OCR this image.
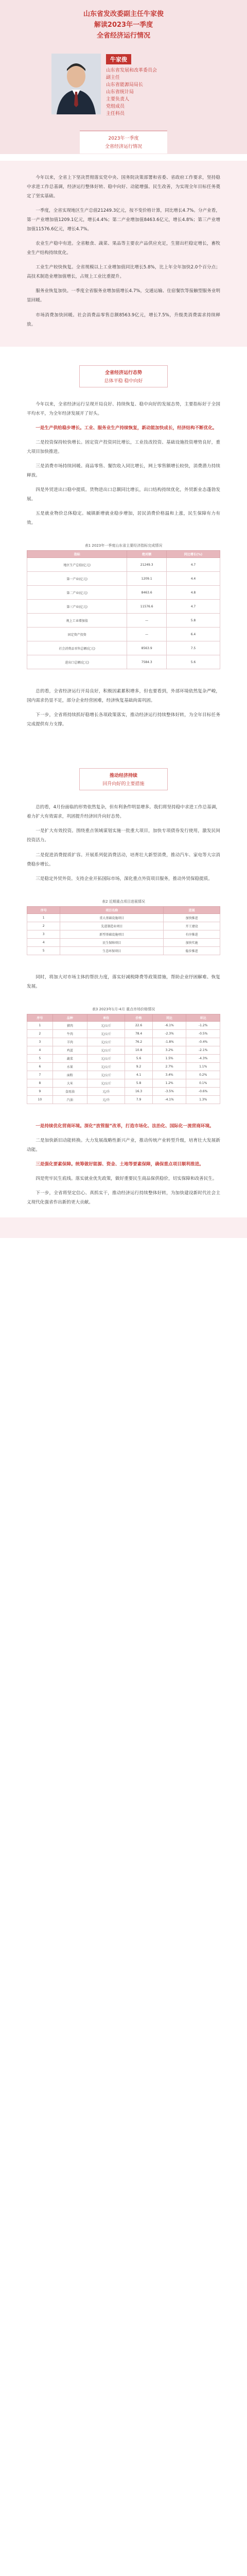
山东省发改委副主任牛家俊
解读2023年一季度
全省经济运行情况
牛家俊
山东省发展和改革委员会
副主任
山东省能源局局长
山东省统计局
主要负责人
党组成员
主任科员
2023年一季度
全省经济运行情况

今年以来，全省上下坚决贯彻落实党中央、国务院决策部署和省委、省政府工作要求，坚持稳中求进工作总基调，经济运行整体好转、稳中向好、动能增强、民生改善，为实现全年目标任务奠定了坚实基础。

一季度，全省实现地区生产总值21249.3亿元，按不变价格计算，同比增长4.7%。分产业看，第一产业增加值1209.1亿元，增长4.4%；第二产业增加值8463.6亿元，增长4.8%；第三产业增加值11576.6亿元，增长4.7%。

农业生产稳中有进。全省粮食、蔬菜、果品等主要农产品供应充足，生猪出栏稳定增长，畜牧业生产结构持续优化。

工业生产较快恢复。全省规模以上工业增加值同比增长5.8%，比上年全年加快2.0个百分点；高技术制造业增加值增长，占规上工业比重提升。

服务业恢复加快。一季度全省服务业增加值增长4.7%，交通运输、住宿餐饮等接触型服务业明显回暖。

市场消费加快回暖。社会消费品零售总额8563.9亿元，增长7.5%，升级类消费需求持续释放。

全省经济运行态势
总体平稳 稳中向好

今年以来，全省经济运行呈现开局良好、持续恢复、稳中向好的发展态势，主要指标好于全国平均水平，为全年经济发展开了好头。

一是生产供给稳步增长。工业、服务业生产持续恢复，新动能加快成长，经济结构不断优化。

二是投资保持较快增长。固定资产投资同比增长，工业技改投资、基础设施投资增势良好，重大项目加快推进。

三是消费市场持续回暖。商品零售、餐饮收入同比增长，网上零售额增长较快，消费潜力持续释放。

四是外贸进出口稳中提质。货物进出口总额同比增长，出口结构持续优化，外贸新业态蓬勃发展。

五是就业物价总体稳定。城镇新增就业稳步增加，居民消费价格温和上涨，民生保障有力有效。

表1 2023年一季度山东省主要经济指标完成情况
指标	绝对额	同比增长(%)
地区生产总值(亿元)	21249.3	4.7
第一产业(亿元)	1209.1	4.4
第二产业(亿元)	8463.6	4.8
第三产业(亿元)	11576.6	4.7
规上工业增加值	—	5.8
固定资产投资	—	6.4
社会消费品零售总额(亿元)	8563.9	7.5
进出口总额(亿元)	7584.3	5.6

总的看，全省经济运行开局良好，积极因素累积增多，但也要看到，外部环境依然复杂严峻，国内需求仍显不足，部分企业经营困难，经济恢复基础尚需巩固。

下一步，全省将持续抓好稳增长各项政策落实，推动经济运行持续整体好转，为全年目标任务完成提供有力支撑。

推动经济持续
回升向好的主要措施

总的看，4月份面临的形势依然复杂，但有利条件明显增多。我们将坚持稳中求进工作总基调，着力扩大有效需求，巩固提升经济回升向好态势。

一是扩大有效投资。围绕重点领域谋划实施一批重大项目，加快专项债券发行使用，激发民间投资活力。

二是促进消费提质扩容。开展系列促消费活动，培育壮大新型消费，推动汽车、家电等大宗消费稳步增长。

三是稳定外贸外资。支持企业开拓国际市场，深化重点外资项目服务，推动外贸保稳提质。

表2 近期重点项目进展情况
序号	项目名称	进展
1	重大基础设施项目	加快推进
2	先进制造业项目	开工建设
3	新型基础设施项目	有序推进
4	民生保障项目	加快实施
5	生态环保项目	稳步推进

同时，将加大对市场主体的帮扶力度，落实好减税降费等政策措施，帮助企业纾困解难、恢复发展。

表3 2023年1月-4月 重点市场价格情况
序号	品种	单位	价格	同比	环比
1	猪肉	元/公斤	22.6	-6.1%	-1.2%
2	牛肉	元/公斤	78.4	-2.3%	-0.5%
3	羊肉	元/公斤	76.2	-1.8%	-0.4%
4	鸡蛋	元/公斤	10.8	3.2%	-2.1%
5	蔬菜	元/公斤	5.6	1.5%	-4.3%
6	水果	元/公斤	9.2	2.7%	1.1%
7	面粉	元/公斤	4.1	3.4%	0.2%
8	大米	元/公斤	5.8	1.2%	0.1%
9	食用油	元/升	16.3	-3.5%	-0.6%
10	汽油	元/升	7.9	-4.1%	1.3%

一是持续优化营商环境。深化“放管服”改革，打造市场化、法治化、国际化一流营商环境。

二是加快新旧动能转换。大力发展战略性新兴产业，推动传统产业转型升级，培育壮大发展新动能。

三是强化要素保障。统筹做好能源、资金、土地等要素保障，确保重点项目顺利推进。

四是兜牢民生底线。落实就业优先政策，做好重要民生商品保供稳价，切实保障和改善民生。

下一步，全省将坚定信心、真抓实干，推动经济运行持续整体好转，为加快建设新时代社会主义现代化强省作出新的更大贡献。
